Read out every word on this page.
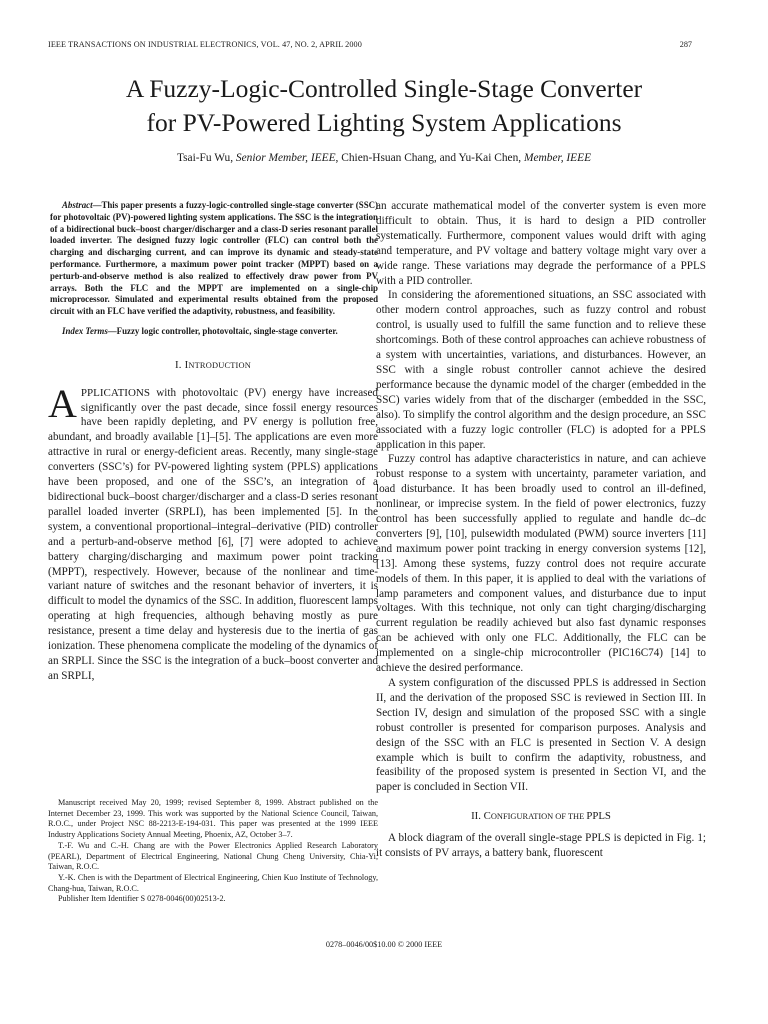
IEEE TRANSACTIONS ON INDUSTRIAL ELECTRONICS, VOL. 47, NO. 2, APRIL 2000	287
A Fuzzy-Logic-Controlled Single-Stage Converter
for PV-Powered Lighting System Applications
Tsai-Fu Wu, Senior Member, IEEE, Chien-Hsuan Chang, and Yu-Kai Chen, Member, IEEE

Abstract—This paper presents a fuzzy-logic-controlled single-stage converter (SSC) for photovoltaic (PV)-powered lighting system applications. The SSC is the integration of a bidirectional buck–boost charger/discharger and a class-D series resonant parallel loaded inverter. The designed fuzzy logic controller (FLC) can control both the charging and discharging current, and can improve its dynamic and steady-state performance. Furthermore, a maximum power point tracker (MPPT) based on a perturb-and-observe method is also realized to effectively draw power from PV arrays. Both the FLC and the MPPT are implemented on a single-chip microprocessor. Simulated and experimental results obtained from the proposed circuit with an FLC have verified the adaptivity, robustness, and feasibility.

Index Terms—Fuzzy logic controller, photovoltaic, single-stage converter.

I. INTRODUCTION

APPLICATIONS with photovoltaic (PV) energy have increased significantly over the past decade, since fossil energy resources have been rapidly depleting, and PV energy is pollution free, abundant, and broadly available [1]–[5]. The applications are even more attractive in rural or energy-deficient areas. Recently, many single-stage converters (SSC’s) for PV-powered lighting system (PPLS) applications have been proposed, and one of the SSC’s, an integration of a bidirectional buck–boost charger/discharger and a class-D series resonant parallel loaded inverter (SRPLI), has been implemented [5]. In the system, a conventional proportional–integral–derivative (PID) controller and a perturb-and-observe method [6], [7] were adopted to achieve battery charging/discharging and maximum power point tracking (MPPT), respectively. However, because of the nonlinear and time-variant nature of switches and the resonant behavior of inverters, it is difficult to model the dynamics of the SSC. In addition, fluorescent lamps operating at high frequencies, although behaving mostly as pure resistance, present a time delay and hysteresis due to the inertia of gas ionization. These phenomena complicate the modeling of the dynamics of an SRPLI. Since the SSC is the integration of a buck–boost converter and an SRPLI,

Manuscript received May 20, 1999; revised September 8, 1999. Abstract published on the Internet December 23, 1999. This work was supported by the National Science Council, Taiwan, R.O.C., under Project NSC 88-2213-E-194-031. This paper was presented at the 1999 IEEE Industry Applications Society Annual Meeting, Phoenix, AZ, October 3–7.

T.-F. Wu and C.-H. Chang are with the Power Electronics Applied Research Laboratory (PEARL), Department of Electrical Engineering, National Chung Cheng University, Chia-Yi, Taiwan, R.O.C.

Y.-K. Chen is with the Department of Electrical Engineering, Chien Kuo Institute of Technology, Chang-hua, Taiwan, R.O.C.

Publisher Item Identifier S 0278-0046(00)02513-2.

an accurate mathematical model of the converter system is even more difficult to obtain. Thus, it is hard to design a PID controller systematically. Furthermore, component values would drift with aging and temperature, and PV voltage and battery voltage might vary over a wide range. These variations may degrade the performance of a PPLS with a PID controller.

In considering the aforementioned situations, an SSC associated with other modern control approaches, such as fuzzy control and robust control, is usually used to fulfill the same function and to relieve these shortcomings. Both of these control approaches can achieve robustness of a system with uncertainties, variations, and disturbances. However, an SSC with a single robust controller cannot achieve the desired performance because the dynamic model of the charger (embedded in the SSC) varies widely from that of the discharger (embedded in the SSC, also). To simplify the control algorithm and the design procedure, an SSC associated with a fuzzy logic controller (FLC) is adopted for a PPLS application in this paper.

Fuzzy control has adaptive characteristics in nature, and can achieve robust response to a system with uncertainty, parameter variation, and load disturbance. It has been broadly used to control an ill-defined, nonlinear, or imprecise system. In the field of power electronics, fuzzy control has been successfully applied to regulate and handle dc–dc converters [9], [10], pulsewidth modulated (PWM) source inverters [11] and maximum power point tracking in energy conversion systems [12], [13]. Among these systems, fuzzy control does not require accurate models of them. In this paper, it is applied to deal with the variations of lamp parameters and component values, and disturbance due to input voltages. With this technique, not only can tight charging/discharging current regulation be readily achieved but also fast dynamic responses can be achieved with only one FLC. Additionally, the FLC can be implemented on a single-chip microcontroller (PIC16C74) [14] to achieve the desired performance.

A system configuration of the discussed PPLS is addressed in Section II, and the derivation of the proposed SSC is reviewed in Section III. In Section IV, design and simulation of the proposed SSC with a single robust controller is presented for comparison purposes. Analysis and design of the SSC with an FLC is presented in Section V. A design example which is built to confirm the adaptivity, robustness, and feasibility of the proposed system is presented in Section VI, and the paper is concluded in Section VII.

II. CONFIGURATION OF THE PPLS

A block diagram of the overall single-stage PPLS is depicted in Fig. 1; it consists of PV arrays, a battery bank, fluorescent

0278–0046/00$10.00 © 2000 IEEE
